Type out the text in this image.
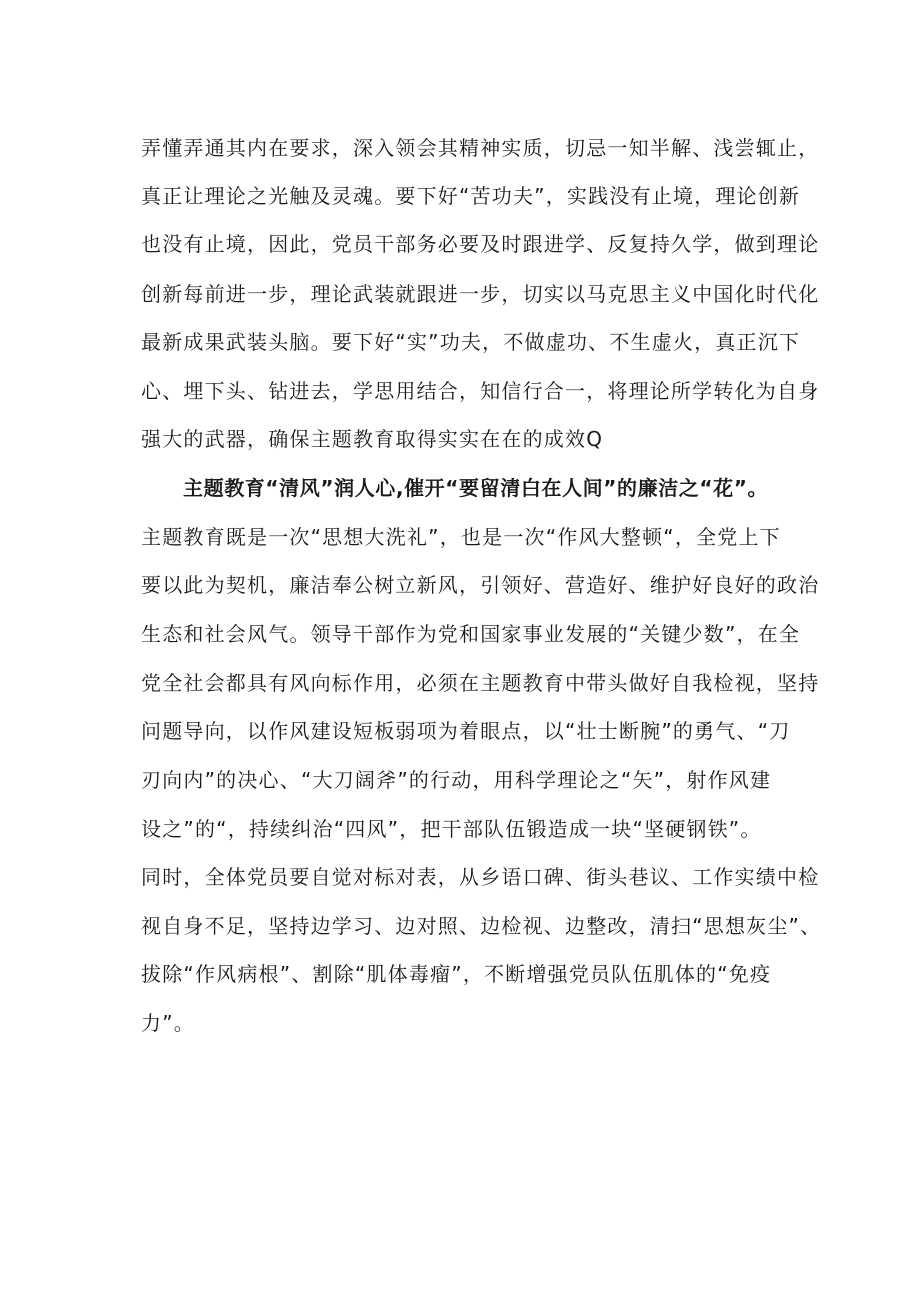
弄懂弄通其内在要求，深入领会其精神实质，切忌一知半解、浅尝辄止，
真正让理论之光触及灵魂。要下好“苦功夫”，实践没有止境，理论创新
也没有止境，因此，党员干部务必要及时跟进学、反复持久学，做到理论
创新每前进一步，理论武装就跟进一步，切实以马克思主义中国化时代化
最新成果武装头脑。要下好“实”功夫，不做虚功、不生虚火，真正沉下
心、埋下头、钻进去，学思用结合，知信行合一，将理论所学转化为自身
强大的武器，确保主题教育取得实实在在的成效Q
主题教育“清风”润人心,催开“要留清白在人间”的廉洁之“花”。
主题教育既是一次“思想大洗礼”，也是一次“作风大整顿“，全党上下
要以此为契机，廉洁奉公树立新风，引领好、营造好、维护好良好的政治
生态和社会风气。领导干部作为党和国家事业发展的“关键少数”，在全
党全社会都具有风向标作用，必须在主题教育中带头做好自我检视，坚持
问题导向，以作风建设短板弱项为着眼点，以“壮士断腕”的勇气、“刀
刃向内”的决心、“大刀阔斧”的行动，用科学理论之“矢”，射作风建
设之”的“，持续纠治“四风”，把干部队伍锻造成一块“坚硬钢铁”。
同时，全体党员要自觉对标对表，从乡语口碑、街头巷议、工作实绩中检
视自身不足，坚持边学习、边对照、边检视、边整改，清扫“思想灰尘”、
拔除“作风病根”、割除“肌体毒瘤”，不断增强党员队伍肌体的“免疫
力”。
